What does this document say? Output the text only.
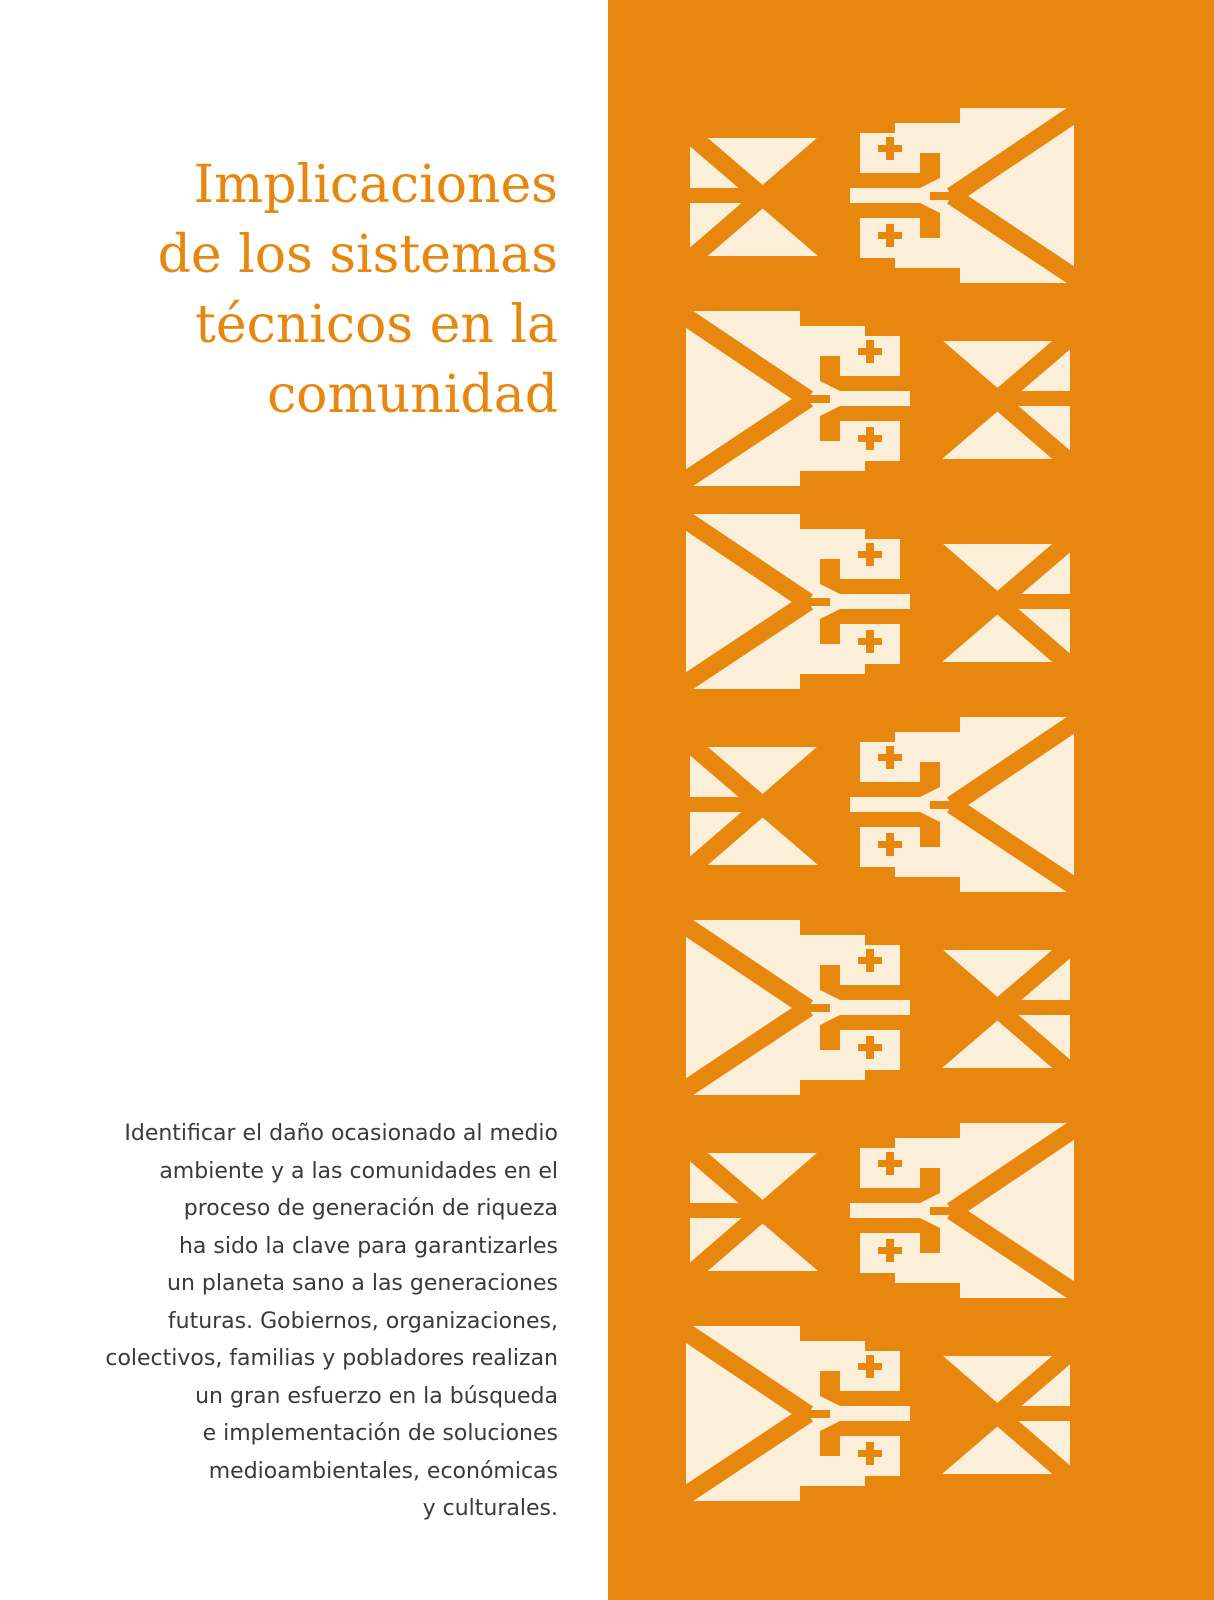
Implicaciones
de los sistemas
técnicos en la
comunidad

Identificar el daño ocasionado al medio
ambiente y a las comunidades en el
proceso de generación de riqueza
ha sido la clave para garantizarles
un planeta sano a las generaciones
futuras. Gobiernos, organizaciones,
colectivos, familias y pobladores realizan
un gran esfuerzo en la búsqueda
e implementación de soluciones
medioambientales, económicas
y culturales.
